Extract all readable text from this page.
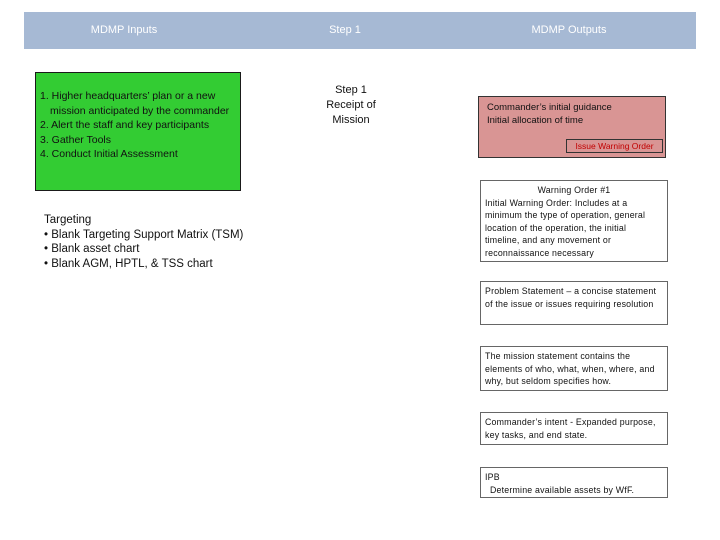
MDMP Inputs	Step 1	MDMP Outputs
1. Higher headquarters’ plan or a new mission anticipated by the commander
2. Alert the staff and key participants
3. Gather Tools
4. Conduct Initial Assessment
Targeting
• Blank Targeting Support Matrix (TSM)
• Blank asset chart
• Blank AGM, HPTL, & TSS chart
Step 1
Receipt of
Mission
Commander’s initial guidance
Initial allocation of time
Issue Warning Order
Warning Order #1
Initial Warning Order: Includes at a minimum the type of operation, general location of the operation, the initial timeline, and any movement or reconnaissance necessary
Problem Statement – a concise statement of the issue or issues requiring resolution
The mission statement contains the elements of who, what, when, where, and why, but seldom specifies how.
Commander’s intent - Expanded purpose, key tasks, and end state.
IPB
Determine available assets by WfF.
